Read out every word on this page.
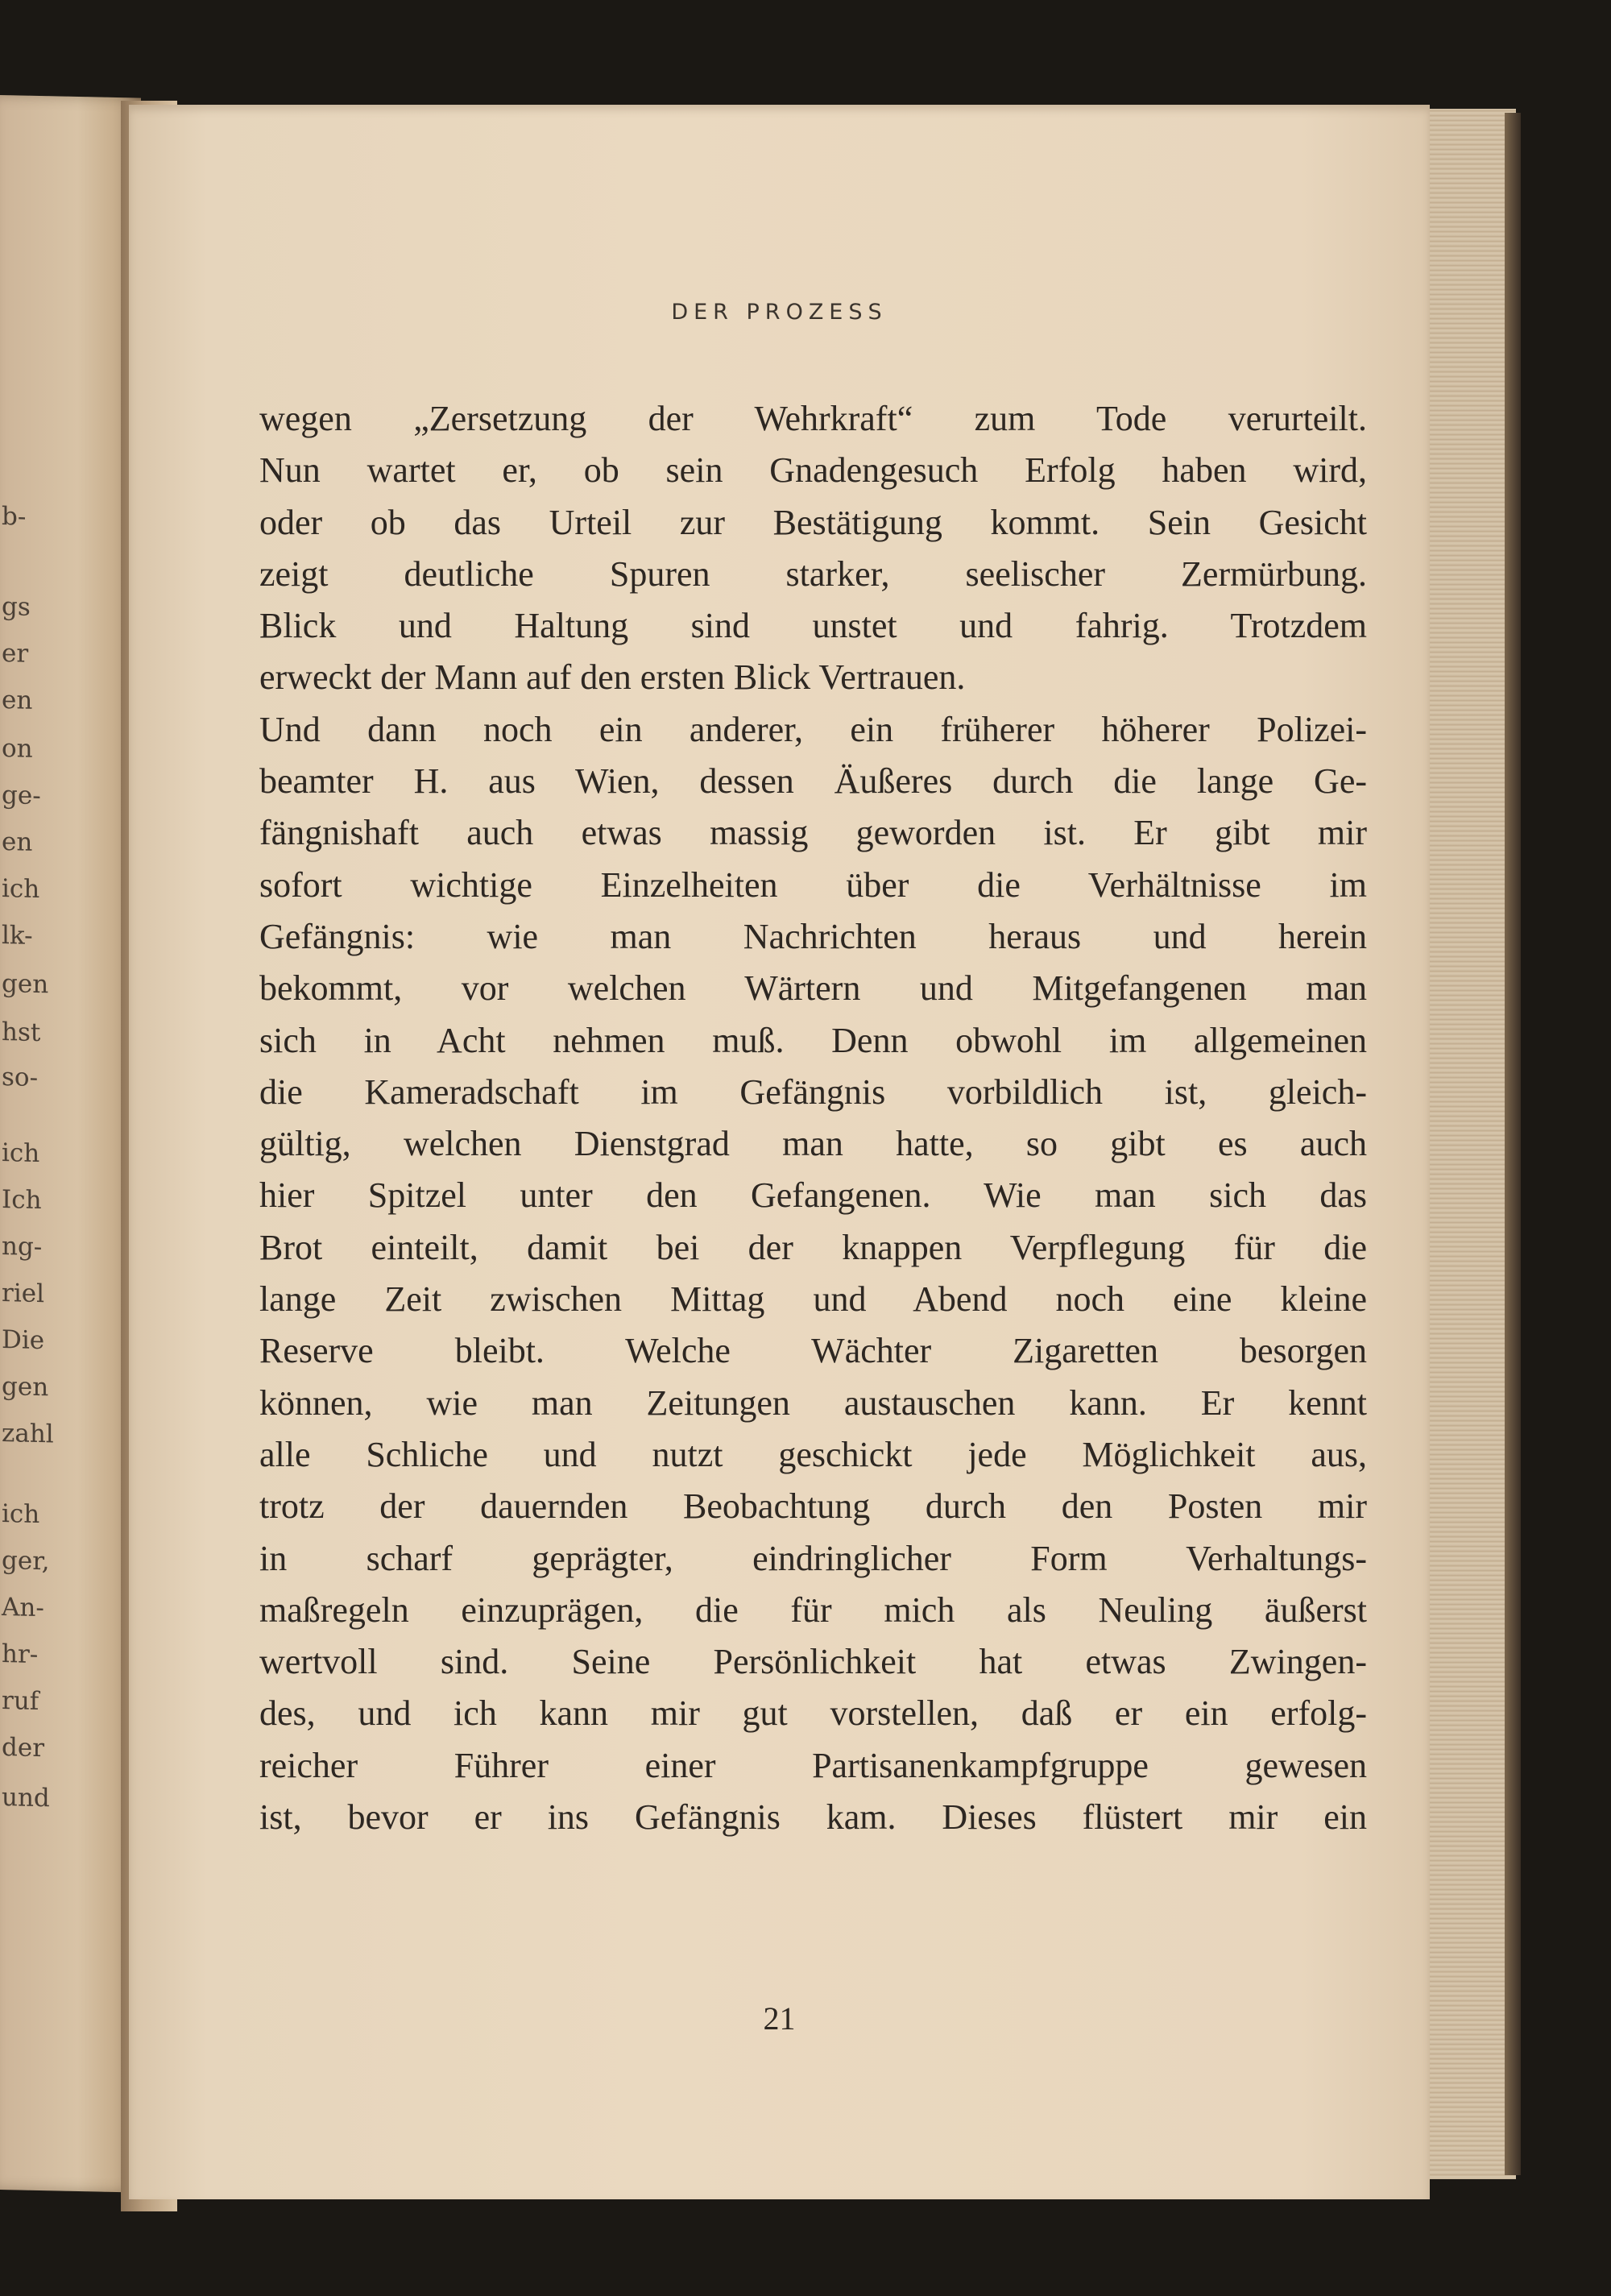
b-
gs
er
en
on
ge-
en
ich
lk-
gen
hst
so-
ich
Ich
ng-
riel
Die
gen
zahl
ich
ger,
An-
hr-
ruf
der
und
DER PROZESS
wegen „Zersetzung der Wehrkraft“ zum Tode verurteilt.
Nun wartet er, ob sein Gnadengesuch Erfolg haben wird,
oder ob das Urteil zur Bestätigung kommt. Sein Gesicht
zeigt deutliche Spuren starker, seelischer Zermürbung.
Blick und Haltung sind unstet und fahrig. Trotzdem
erweckt der Mann auf den ersten Blick Vertrauen.
Und dann noch ein anderer, ein früherer höherer Polizei-
beamter H. aus Wien, dessen Äußeres durch die lange Ge-
fängnishaft auch etwas massig geworden ist. Er gibt mir
sofort wichtige Einzelheiten über die Verhältnisse im
Gefängnis: wie man Nachrichten heraus und herein
bekommt, vor welchen Wärtern und Mitgefangenen man
sich in Acht nehmen muß. Denn obwohl im allgemeinen
die Kameradschaft im Gefängnis vorbildlich ist, gleich-
gültig, welchen Dienstgrad man hatte, so gibt es auch
hier Spitzel unter den Gefangenen. Wie man sich das
Brot einteilt, damit bei der knappen Verpflegung für die
lange Zeit zwischen Mittag und Abend noch eine kleine
Reserve bleibt. Welche Wächter Zigaretten besorgen
können, wie man Zeitungen austauschen kann. Er kennt
alle Schliche und nutzt geschickt jede Möglichkeit aus,
trotz der dauernden Beobachtung durch den Posten mir
in scharf geprägter, eindringlicher Form Verhaltungs-
maßregeln einzuprägen, die für mich als Neuling äußerst
wertvoll sind. Seine Persönlichkeit hat etwas Zwingen-
des, und ich kann mir gut vorstellen, daß er ein erfolg-
reicher Führer einer Partisanenkampfgruppe gewesen
ist, bevor er ins Gefängnis kam. Dieses flüstert mir ein
21
